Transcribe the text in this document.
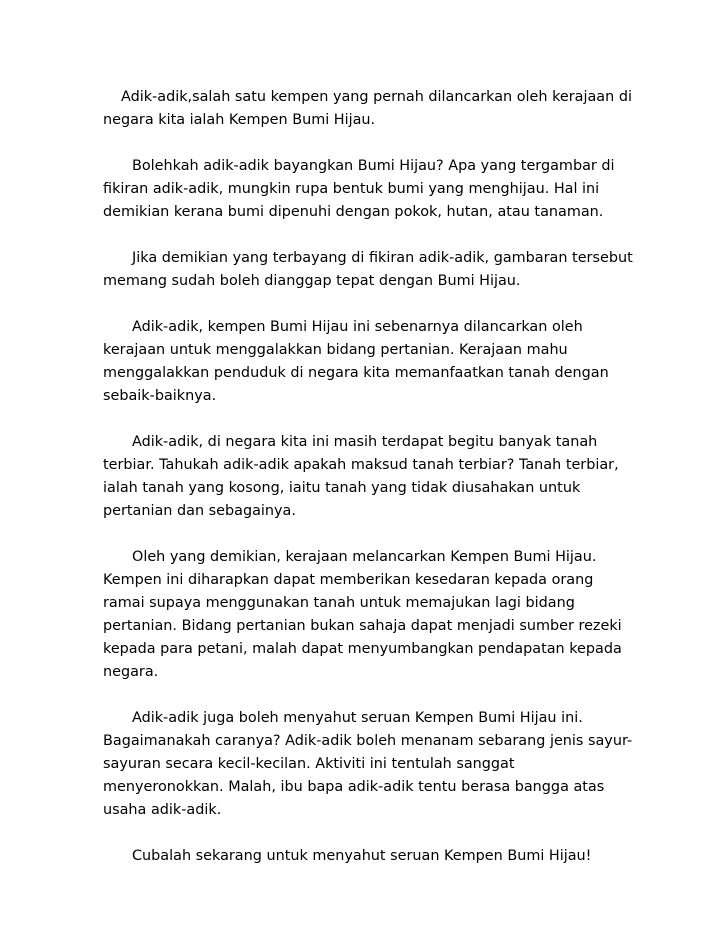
Adik-adik,salah satu kempen yang pernah dilancarkan oleh kerajaan di negara kita ialah Kempen Bumi Hijau.

Bolehkah adik-adik bayangkan Bumi Hijau? Apa yang tergambar di fikiran adik-adik, mungkin rupa bentuk bumi yang menghijau. Hal ini demikian kerana bumi dipenuhi dengan pokok, hutan, atau tanaman.

Jika demikian yang terbayang di fikiran adik-adik, gambaran tersebut memang sudah boleh dianggap tepat dengan Bumi Hijau.

Adik-adik, kempen Bumi Hijau ini sebenarnya dilancarkan oleh kerajaan untuk menggalakkan bidang pertanian. Kerajaan mahu menggalakkan penduduk di negara kita memanfaatkan tanah dengan sebaik-baiknya.

Adik-adik, di negara kita ini masih terdapat begitu banyak tanah terbiar. Tahukah adik-adik apakah maksud tanah terbiar? Tanah terbiar, ialah tanah yang kosong, iaitu tanah yang tidak diusahakan untuk pertanian dan sebagainya.

Oleh yang demikian, kerajaan melancarkan Kempen Bumi Hijau. Kempen ini diharapkan dapat memberikan kesedaran kepada orang ramai supaya menggunakan tanah untuk memajukan lagi bidang pertanian. Bidang pertanian bukan sahaja dapat menjadi sumber rezeki kepada para petani, malah dapat menyumbangkan pendapatan kepada negara.

Adik-adik juga boleh menyahut seruan Kempen Bumi Hijau ini. Bagaimanakah caranya? Adik-adik boleh menanam sebarang jenis sayur-sayuran secara kecil-kecilan. Aktiviti ini tentulah sanggat menyeronokkan. Malah, ibu bapa adik-adik tentu berasa bangga atas usaha adik-adik.

Cubalah sekarang untuk menyahut seruan Kempen Bumi Hijau!
